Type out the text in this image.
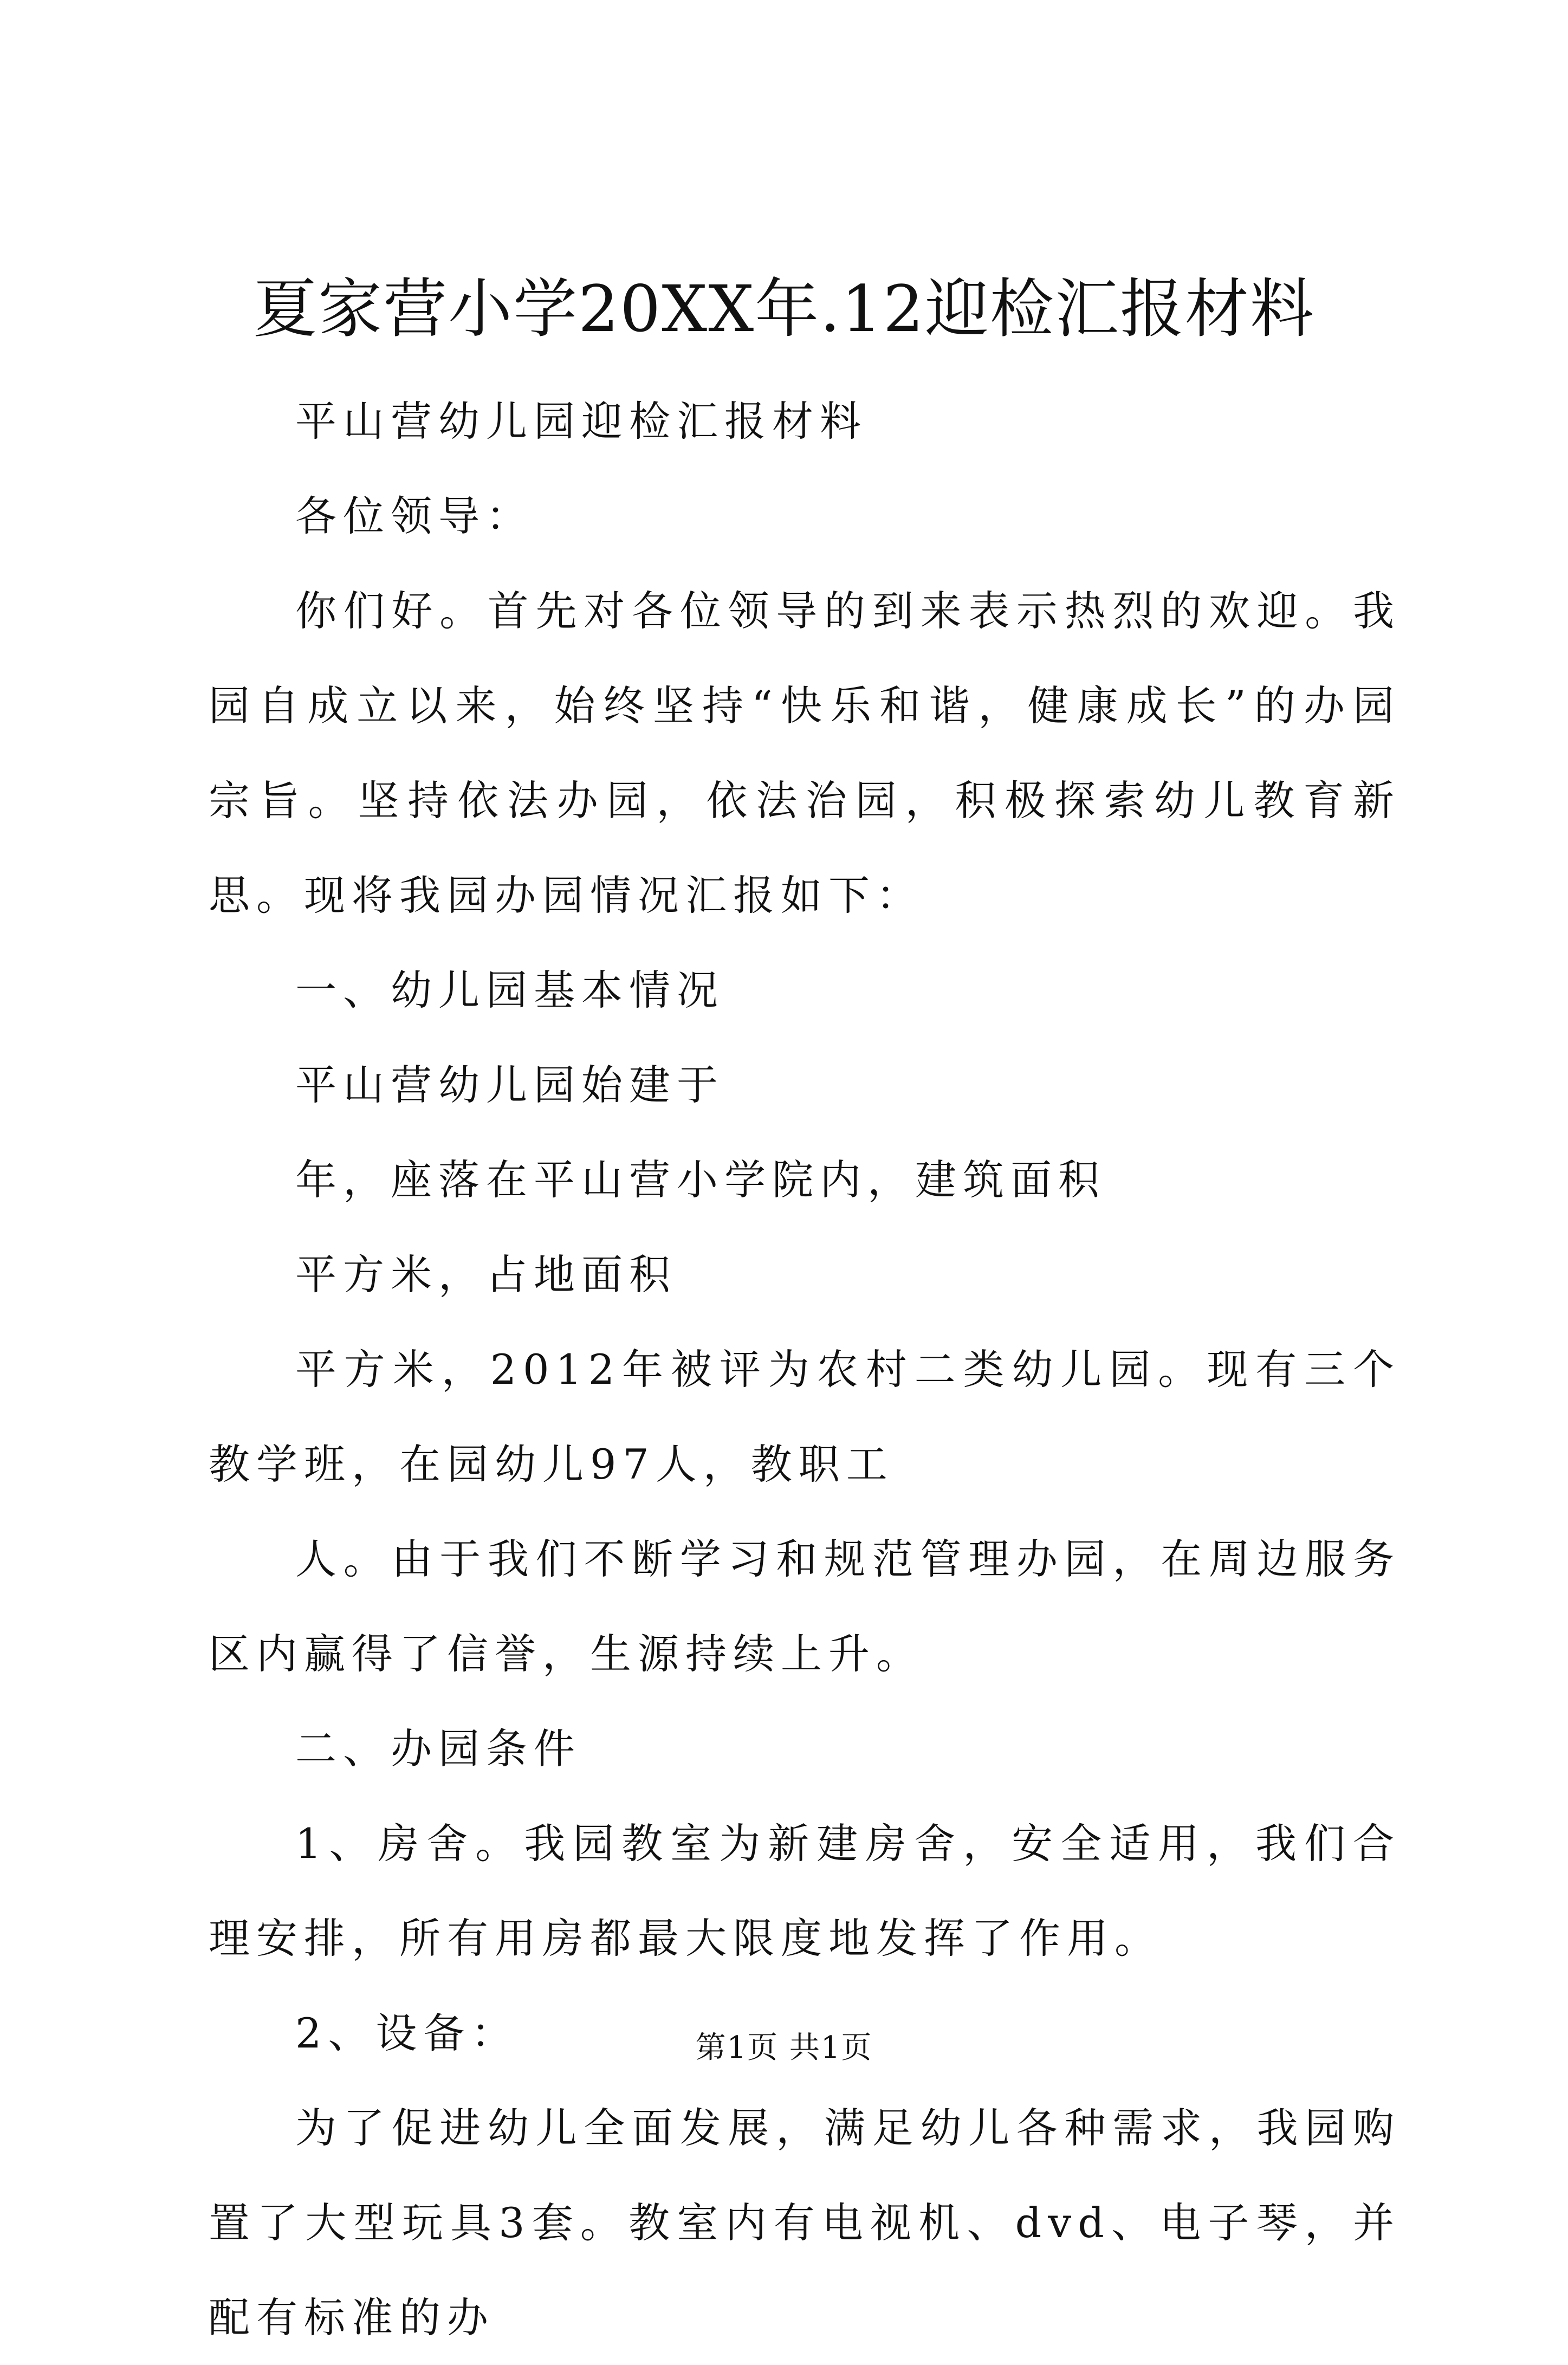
夏家营小学20XX年.12迎检汇报材料

平山营幼儿园迎检汇报材料

各位领导：

你们好。首先对各位领导的到来表示热烈的欢迎。我园自成立以来，始终坚持“快乐和谐，健康成长”的办园宗旨。坚持依法办园，依法治园，积极探索幼儿教育新思。现将我园办园情况汇报如下：

一、幼儿园基本情况

平山营幼儿园始建于

年，座落在平山营小学院内，建筑面积

平方米，占地面积

平方米，2012年被评为农村二类幼儿园。现有三个教学班，在园幼儿97人，教职工

人。由于我们不断学习和规范管理办园，在周边服务区内赢得了信誉，生源持续上升。

二、办园条件

1、房舍。我园教室为新建房舍，安全适用，我们合理安排，所有用房都最大限度地发挥了作用。

2、设备：

为了促进幼儿全面发展，满足幼儿各种需求，我园购置了大型玩具3套。教室内有电视机、dvd、电子琴，并配有标准的办

第1页 共1页
